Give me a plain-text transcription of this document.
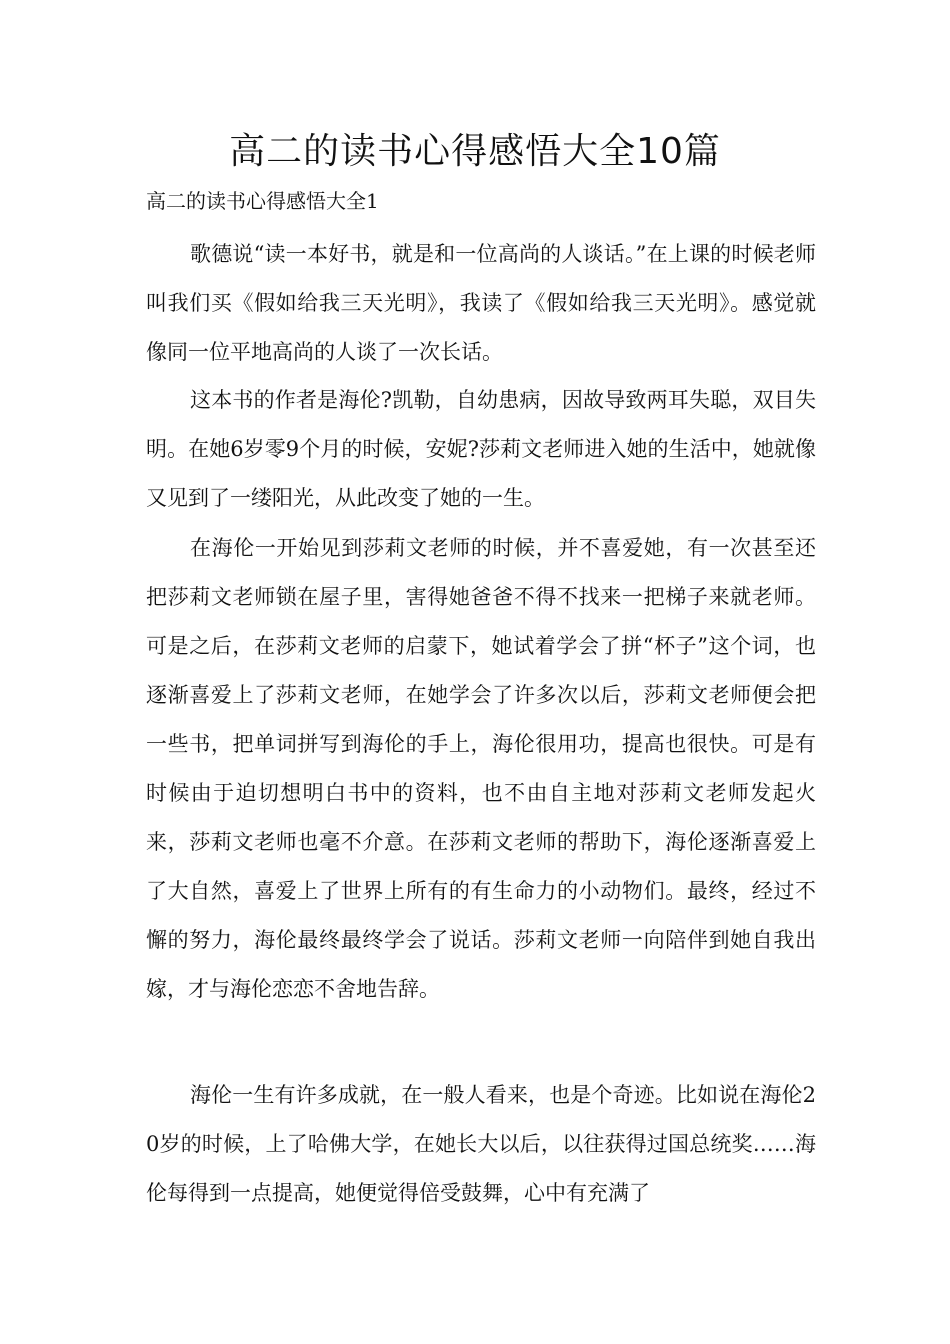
高二的读书心得感悟大全10篇
高二的读书心得感悟大全1

歌德说“读一本好书，就是和一位高尚的人谈话。”在上课的时候老师叫我们买《假如给我三天光明》，我读了《假如给我三天光明》。感觉就像同一位平地高尚的人谈了一次长话。

这本书的作者是海伦?凯勒，自幼患病，因故导致两耳失聪，双目失明。在她6岁零9个月的时候，安妮?莎莉文老师进入她的生活中，她就像又见到了一缕阳光，从此改变了她的一生。

在海伦一开始见到莎莉文老师的时候，并不喜爱她，有一次甚至还把莎莉文老师锁在屋子里，害得她爸爸不得不找来一把梯子来就老师。可是之后，在莎莉文老师的启蒙下，她试着学会了拼“杯子”这个词，也逐渐喜爱上了莎莉文老师，在她学会了许多次以后，莎莉文老师便会把一些书，把单词拼写到海伦的手上，海伦很用功，提高也很快。可是有时候由于迫切想明白书中的资料，也不由自主地对莎莉文老师发起火来，莎莉文老师也毫不介意。在莎莉文老师的帮助下，海伦逐渐喜爱上了大自然，喜爱上了世界上所有的有生命力的小动物们。最终，经过不懈的努力，海伦最终最终学会了说话。莎莉文老师一向陪伴到她自我出嫁，才与海伦恋恋不舍地告辞。

海伦一生有许多成就，在一般人看来，也是个奇迹。比如说在海伦20岁的时候，上了哈佛大学，在她长大以后，以往获得过国总统奖……海伦每得到一点提高，她便觉得倍受鼓舞，心中有充满了
